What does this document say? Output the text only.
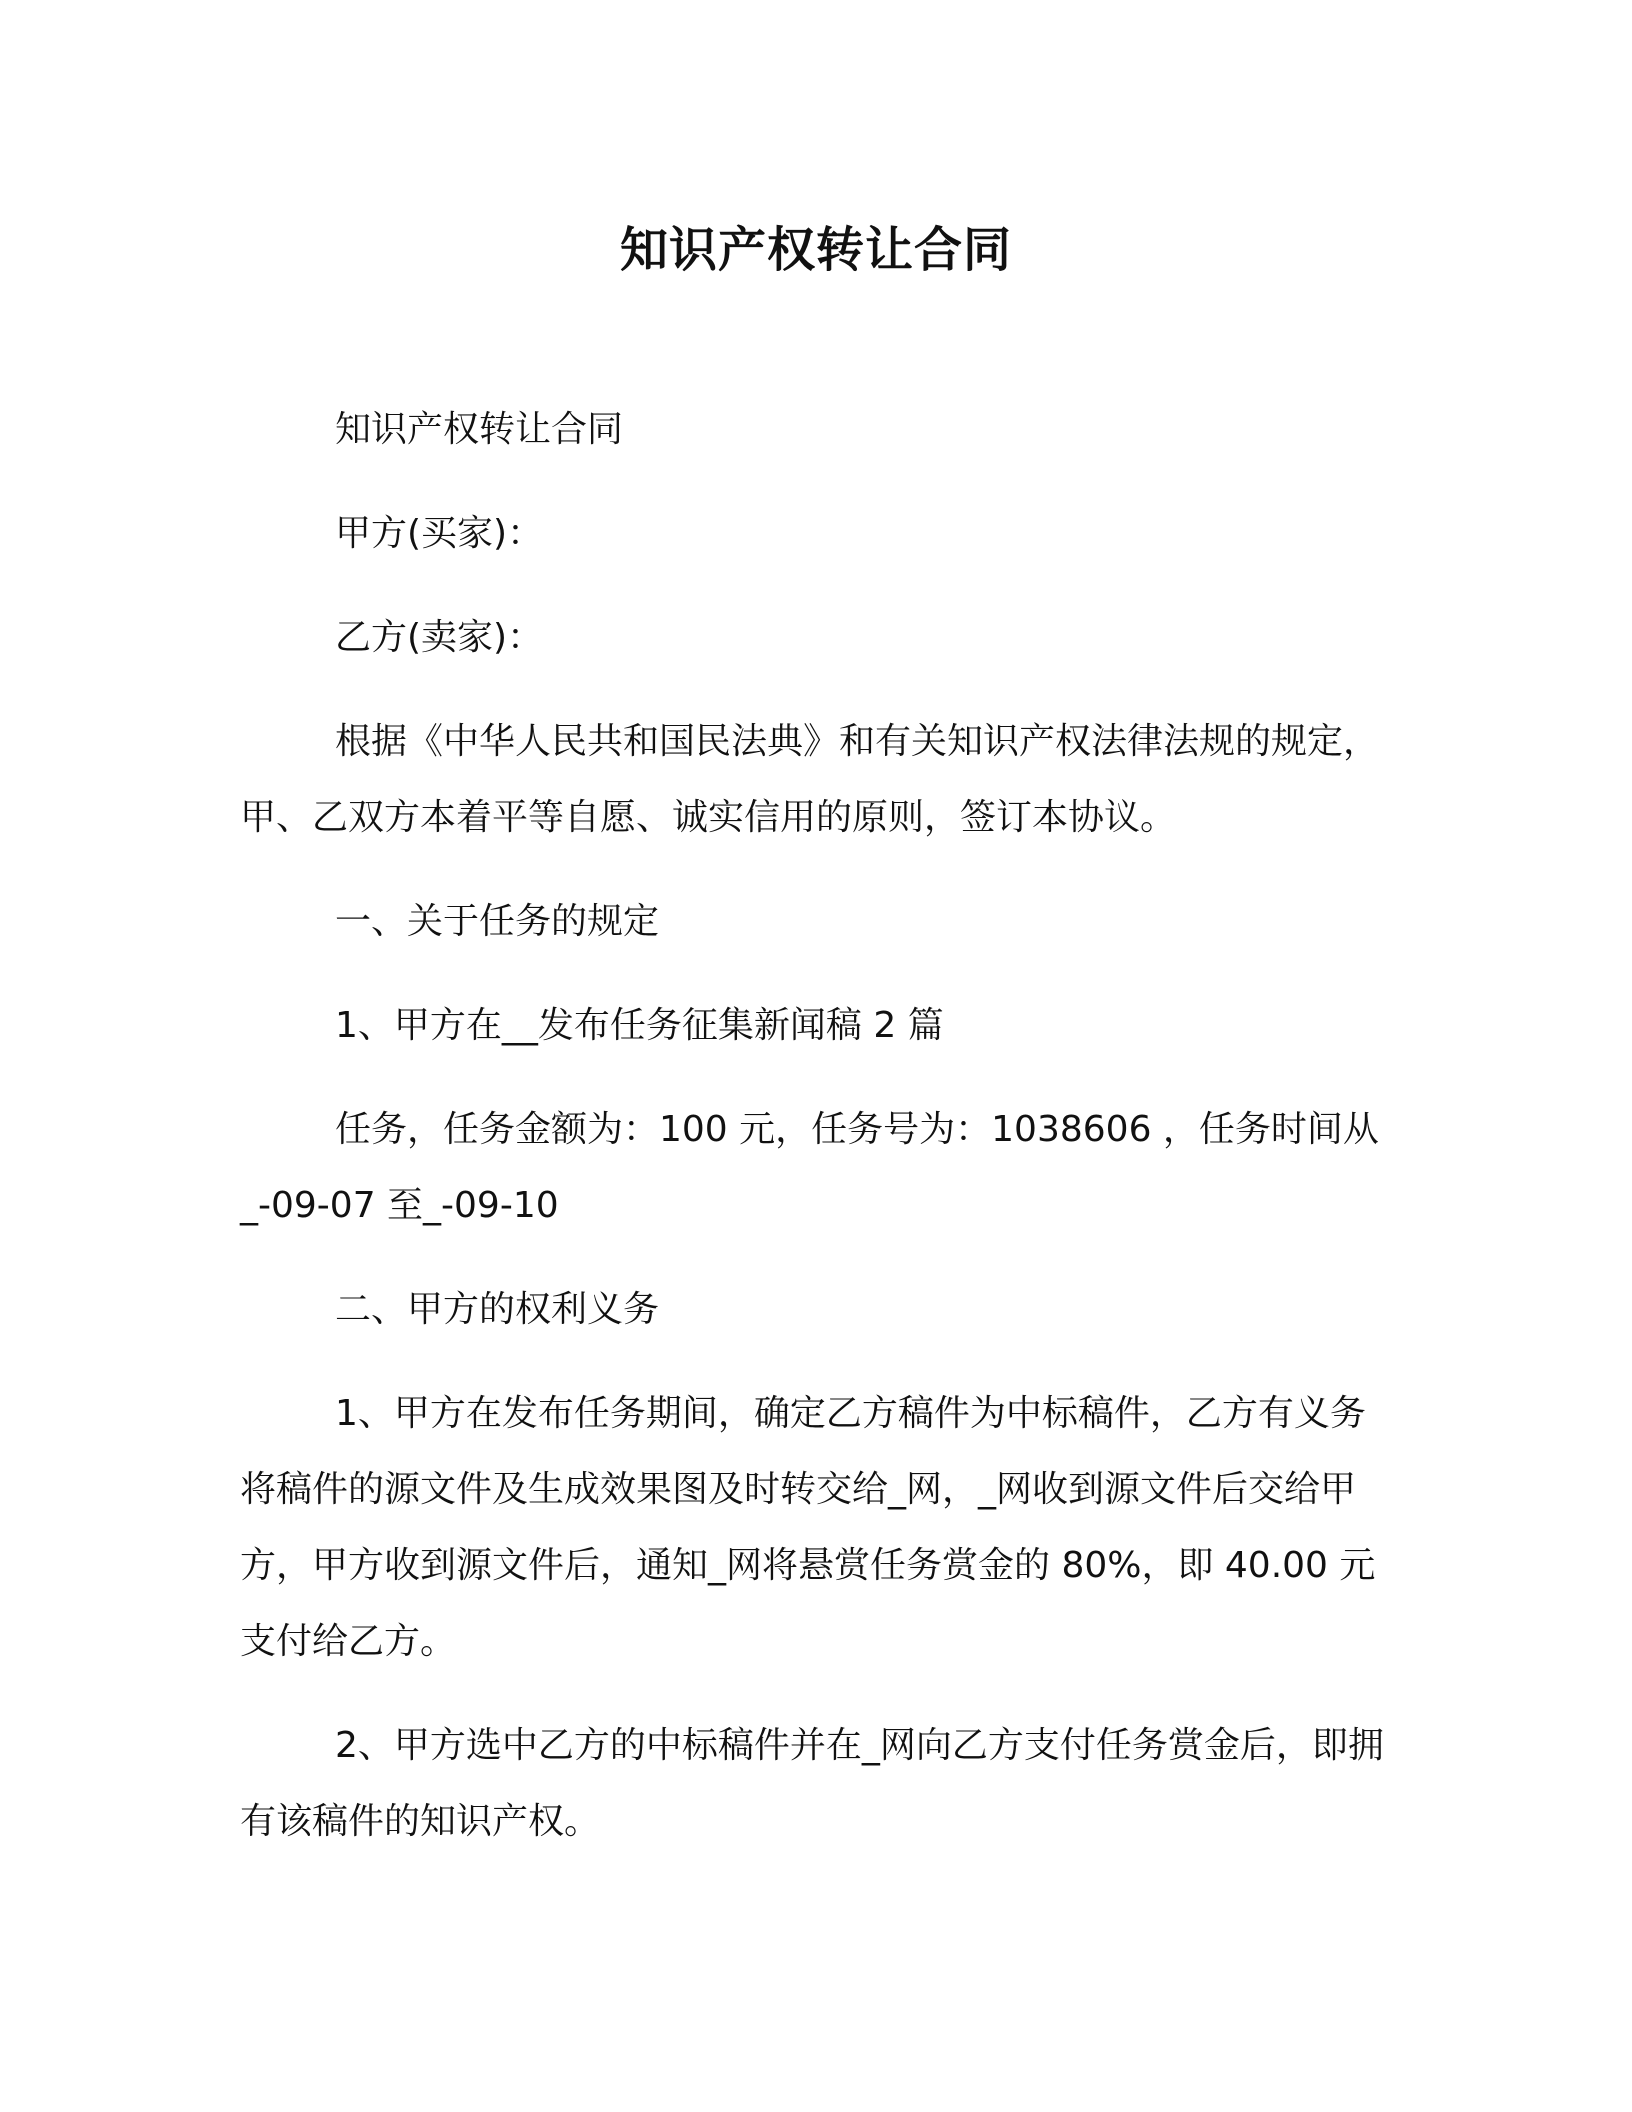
知识产权转让合同

知识产权转让合同

甲方(买家)：

乙方(卖家)：

根据《中华人民共和国民法典》和有关知识产权法律法规的规定，甲、乙双方本着平等自愿、诚实信用的原则，签订本协议。

一、关于任务的规定

1、甲方在__发布任务征集新闻稿 2 篇

任务，任务金额为：100 元，任务号为：1038606 ，任务时间从_-09-07 至_-09-10

二、甲方的权利义务

1、甲方在发布任务期间，确定乙方稿件为中标稿件，乙方有义务将稿件的源文件及生成效果图及时转交给_网，_网收到源文件后交给甲方，甲方收到源文件后，通知_网将悬赏任务赏金的 80%，即 40.00 元支付给乙方。

2、甲方选中乙方的中标稿件并在_网向乙方支付任务赏金后，即拥有该稿件的知识产权。
